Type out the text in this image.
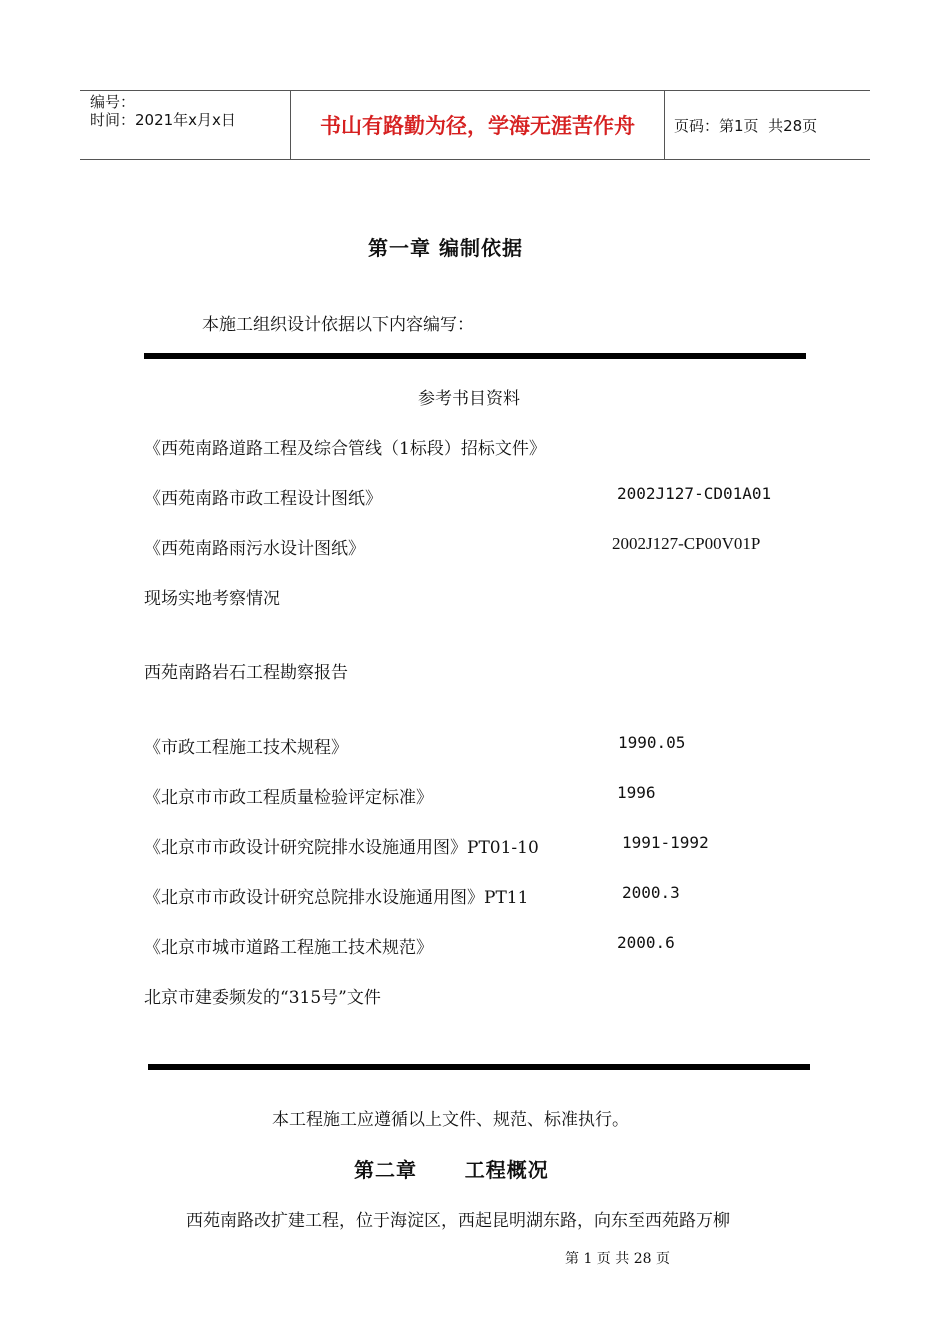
编号：
时间：2021年x月x日	书山有路勤为径，学海无涯苦作舟	页码：第1页  共28页
第一章 编制依据
本施工组织设计依据以下内容编写：
参考书目资料
《西苑南路道路工程及综合管线（1标段）招标文件》
《西苑南路市政工程设计图纸》	2002J127-CD01A01
《西苑南路雨污水设计图纸》	2002J127-CP00V01P
现场实地考察情况
西苑南路岩石工程勘察报告
《市政工程施工技术规程》	1990.05
《北京市市政工程质量检验评定标准》	1996
《北京市市政设计研究院排水设施通用图》PT01-10	1991-1992
《北京市市政设计研究总院排水设施通用图》PT11	2000.3
《北京市城市道路工程施工技术规范》	2000.6
北京市建委频发的“315号”文件
本工程施工应遵循以上文件、规范、标准执行。
第二章      工程概况
西苑南路改扩建工程，位于海淀区，西起昆明湖东路，向东至西苑路万柳
第 1 页 共 28 页
